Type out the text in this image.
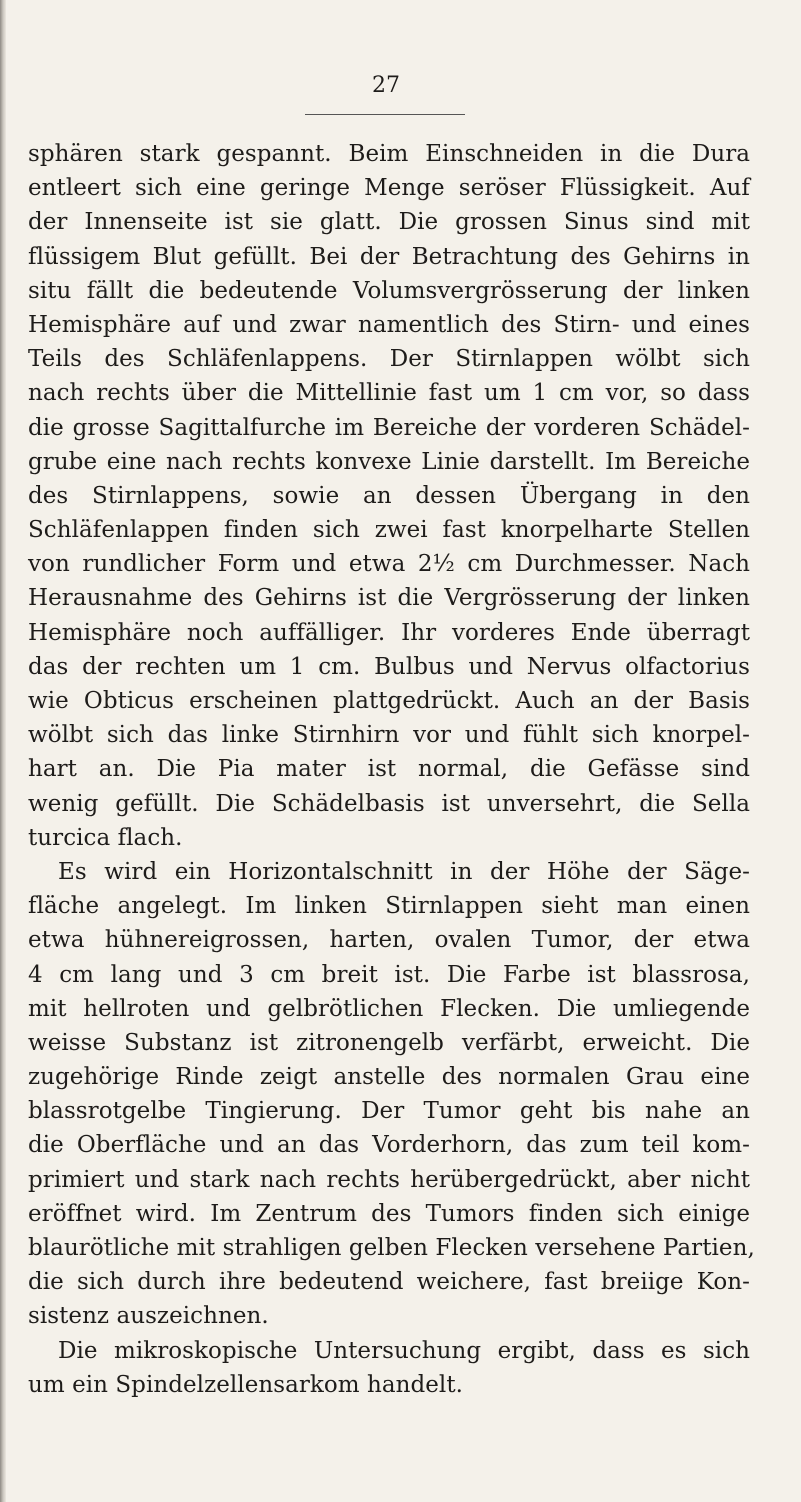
27

sphären stark gespannt. Beim Einschneiden in die Dura
entleert sich eine geringe Menge seröser Flüssigkeit. Auf
der Innenseite ist sie glatt. Die grossen Sinus sind mit
flüssigem Blut gefüllt. Bei der Betrachtung des Gehirns in
situ fällt die bedeutende Volumsvergrösserung der linken
Hemisphäre auf und zwar namentlich des Stirn- und eines
Teils des Schläfenlappens. Der Stirnlappen wölbt sich
nach rechts über die Mittellinie fast um 1 cm vor, so dass
die grosse Sagittalfurche im Bereiche der vorderen Schädel-
grube eine nach rechts konvexe Linie darstellt. Im Bereiche
des Stirnlappens, sowie an dessen Übergang in den
Schläfenlappen finden sich zwei fast knorpelharte Stellen
von rundlicher Form und etwa 2½ cm Durchmesser. Nach
Herausnahme des Gehirns ist die Vergrösserung der linken
Hemisphäre noch auffälliger. Ihr vorderes Ende überragt
das der rechten um 1 cm. Bulbus und Nervus olfactorius
wie Obticus erscheinen plattgedrückt. Auch an der Basis
wölbt sich das linke Stirnhirn vor und fühlt sich knorpel-
hart an. Die Pia mater ist normal, die Gefässe sind
wenig gefüllt. Die Schädelbasis ist unversehrt, die Sella
turcica flach.
Es wird ein Horizontalschnitt in der Höhe der Säge-
fläche angelegt. Im linken Stirnlappen sieht man einen
etwa hühnereigrossen, harten, ovalen Tumor, der etwa
4 cm lang und 3 cm breit ist. Die Farbe ist blassrosa,
mit hellroten und gelbrötlichen Flecken. Die umliegende
weisse Substanz ist zitronengelb verfärbt, erweicht. Die
zugehörige Rinde zeigt anstelle des normalen Grau eine
blassrotgelbe Tingierung. Der Tumor geht bis nahe an
die Oberfläche und an das Vorderhorn, das zum teil kom-
primiert und stark nach rechts herübergedrückt, aber nicht
eröffnet wird. Im Zentrum des Tumors finden sich einige
blaurötliche mit strahligen gelben Flecken versehene Partien,
die sich durch ihre bedeutend weichere, fast breiige Kon-
sistenz auszeichnen.
Die mikroskopische Untersuchung ergibt, dass es sich
um ein Spindelzellensarkom handelt.
